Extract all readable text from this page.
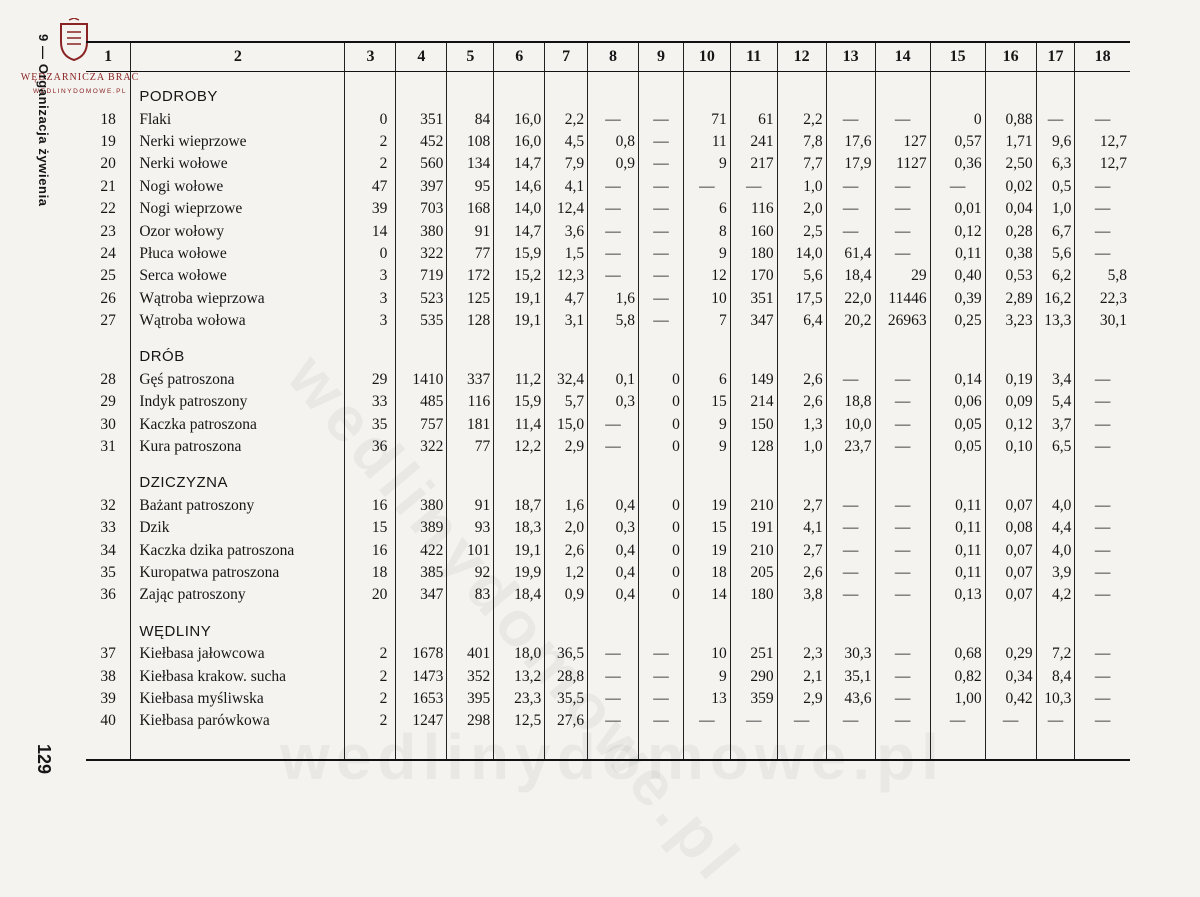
WĘDZARNICZA BRAĆ
WEDLINYDOMOWE.PL
9 — Organizacja żywienia
129
1	2	3	4	5	6	7	8	9	10	11	12	13	14	15	16	17	18

	PODROBY																
18	Flaki	0	351	84	16,0	2,2	—	—	71	61	2,2	—	—	0	0,88	—	—
19	Nerki wieprzowe	2	452	108	16,0	4,5	0,8	—	11	241	7,8	17,6	127	0,57	1,71	9,6	12,7
20	Nerki wołowe	2	560	134	14,7	7,9	0,9	—	9	217	7,7	17,9	1127	0,36	2,50	6,3	12,7
21	Nogi wołowe	47	397	95	14,6	4,1	—	—	—	—	1,0	—	—	—	0,02	0,5	—
22	Nogi wieprzowe	39	703	168	14,0	12,4	—	—	6	116	2,0	—	—	0,01	0,04	1,0	—
23	Ozor wołowy	14	380	91	14,7	3,6	—	—	8	160	2,5	—	—	0,12	0,28	6,7	—
24	Płuca wołowe	0	322	77	15,9	1,5	—	—	9	180	14,0	61,4	—	0,11	0,38	5,6	—
25	Serca wołowe	3	719	172	15,2	12,3	—	—	12	170	5,6	18,4	29	0,40	0,53	6,2	5,8
26	Wątroba wieprzowa	3	523	125	19,1	4,7	1,6	—	10	351	17,5	22,0	11446	0,39	2,89	16,2	22,3
27	Wątroba wołowa	3	535	128	19,1	3,1	5,8	—	7	347	6,4	20,2	26963	0,25	3,23	13,3	30,1

	DRÓB																
28	Gęś patroszona	29	1410	337	11,2	32,4	0,1	0	6	149	2,6	—	—	0,14	0,19	3,4	—
29	Indyk patroszony	33	485	116	15,9	5,7	0,3	0	15	214	2,6	18,8	—	0,06	0,09	5,4	—
30	Kaczka patroszona	35	757	181	11,4	15,0	—	0	9	150	1,3	10,0	—	0,05	0,12	3,7	—
31	Kura patroszona	36	322	77	12,2	2,9	—	0	9	128	1,0	23,7	—	0,05	0,10	6,5	—

	DZICZYZNA																
32	Bażant patroszony	16	380	91	18,7	1,6	0,4	0	19	210	2,7	—	—	0,11	0,07	4,0	—
33	Dzik	15	389	93	18,3	2,0	0,3	0	15	191	4,1	—	—	0,11	0,08	4,4	—
34	Kaczka dzika patroszona	16	422	101	19,1	2,6	0,4	0	19	210	2,7	—	—	0,11	0,07	4,0	—
35	Kuropatwa patroszona	18	385	92	19,9	1,2	0,4	0	18	205	2,6	—	—	0,11	0,07	3,9	—
36	Zając patroszony	20	347	83	18,4	0,9	0,4	0	14	180	3,8	—	—	0,13	0,07	4,2	—

	WĘDLINY																
37	Kiełbasa jałowcowa	2	1678	401	18,0	36,5	—	—	10	251	2,3	30,3	—	0,68	0,29	7,2	—
38	Kiełbasa krakow. sucha	2	1473	352	13,2	28,8	—	—	9	290	2,1	35,1	—	0,82	0,34	8,4	—
39	Kiełbasa myśliwska	2	1653	395	23,3	35,5	—	—	13	359	2,9	43,6	—	1,00	0,42	10,3	—
40	Kiełbasa parówkowa	2	1247	298	12,5	27,6	—	—	—	—	—	—	—	—	—	—	—
